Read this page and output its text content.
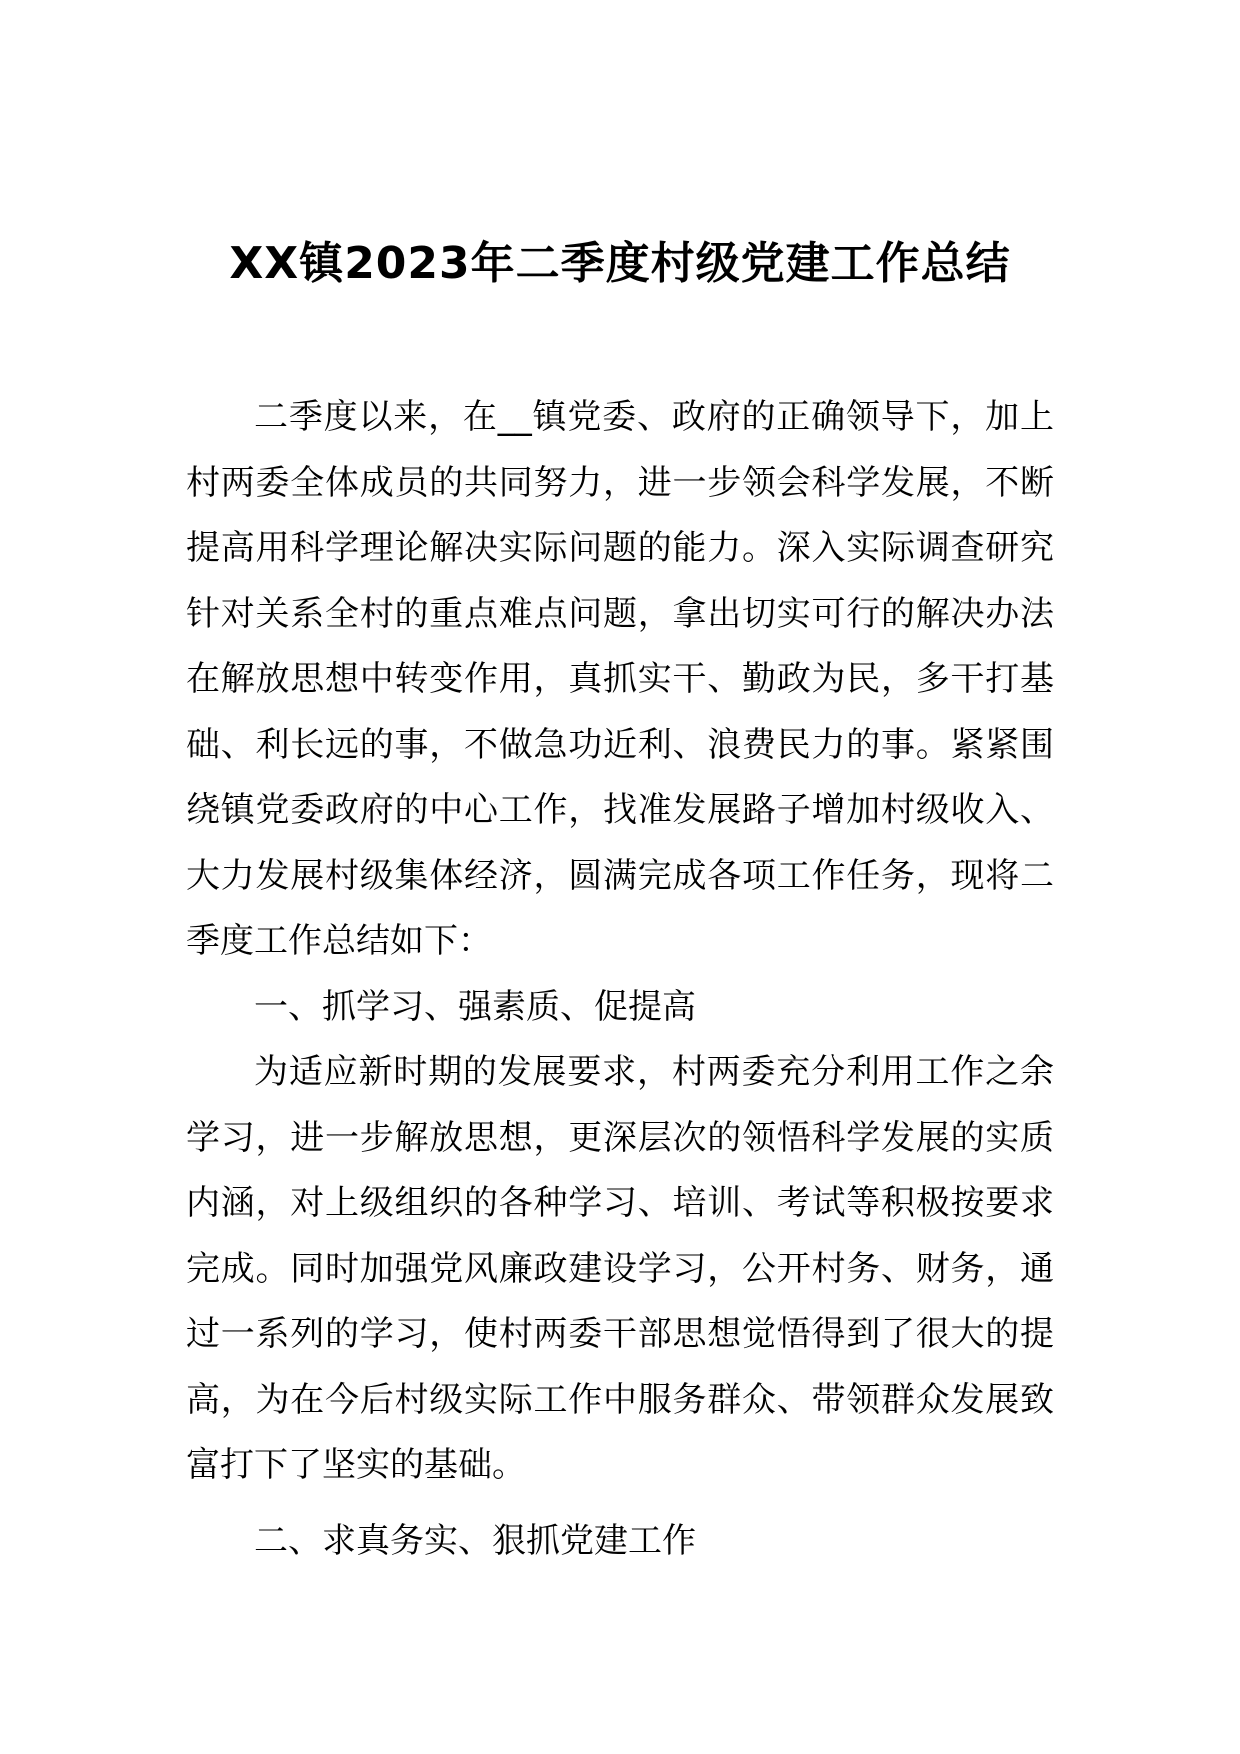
XX镇2023年二季度村级党建工作总结

二季度以来，在__镇党委、政府的正确领导下，加上村两委全体成员的共同努力，进一步领会科学发展，不断提高用科学理论解决实际问题的能力。深入实际调查研究针对关系全村的重点难点问题，拿出切实可行的解决办法在解放思想中转变作用，真抓实干、勤政为民，多干打基础、利长远的事，不做急功近利、浪费民力的事。紧紧围绕镇党委政府的中心工作，找准发展路子增加村级收入、大力发展村级集体经济，圆满完成各项工作任务，现将二季度工作总结如下：

一、抓学习、强素质、促提高

为适应新时期的发展要求，村两委充分利用工作之余学习，进一步解放思想，更深层次的领悟科学发展的实质内涵，对上级组织的各种学习、培训、考试等积极按要求完成。同时加强党风廉政建设学习，公开村务、财务，通过一系列的学习，使村两委干部思想觉悟得到了很大的提高，为在今后村级实际工作中服务群众、带领群众发展致富打下了坚实的基础。

二、求真务实、狠抓党建工作
